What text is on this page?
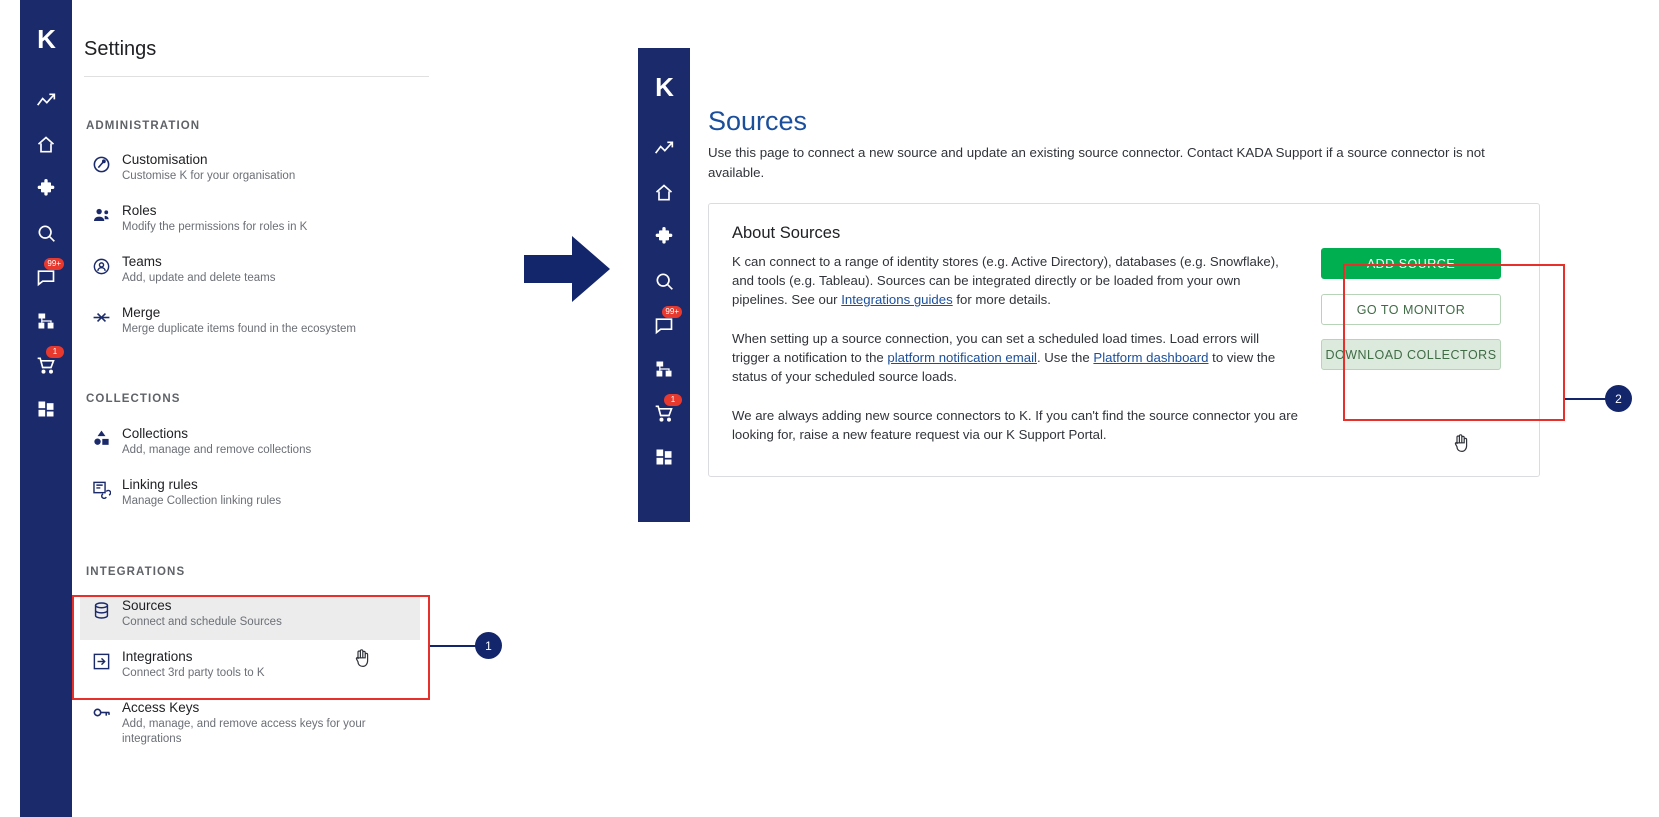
K
99+
1
Settings
ADMINISTRATION
Customisation
Customise K for your organisation
Roles
Modify the permissions for roles in K
Teams
Add, update and delete teams
Merge
Merge duplicate items found in the ecosystem
COLLECTIONS
Collections
Add, manage and remove collections
Linking rules
Manage Collection linking rules
INTEGRATIONS
Sources
Connect and schedule Sources
Integrations
Connect 3rd party tools to K
Access Keys
Add, manage, and remove access keys for your integrations
1
K
99+
1
Sources
Use this page to connect a new source and update an existing source connector. Contact KADA Support if a source connector is not available.
About Sources
K can connect to a range of identity stores (e.g. Active Directory), databases (e.g. Snowflake), and tools (e.g. Tableau). Sources can be integrated directly or be loaded from your own pipelines. See our Integrations guides for more details.
When setting up a source connection, you can set a scheduled load times. Load errors will trigger a notification to the platform notification email. Use the Platform dashboard to view the status of your scheduled source loads.
We are always adding new source connectors to K. If you can't find the source connector you are looking for, raise a new feature request via our K Support Portal.
ADD SOURCE
GO TO MONITOR
DOWNLOAD COLLECTORS
2
